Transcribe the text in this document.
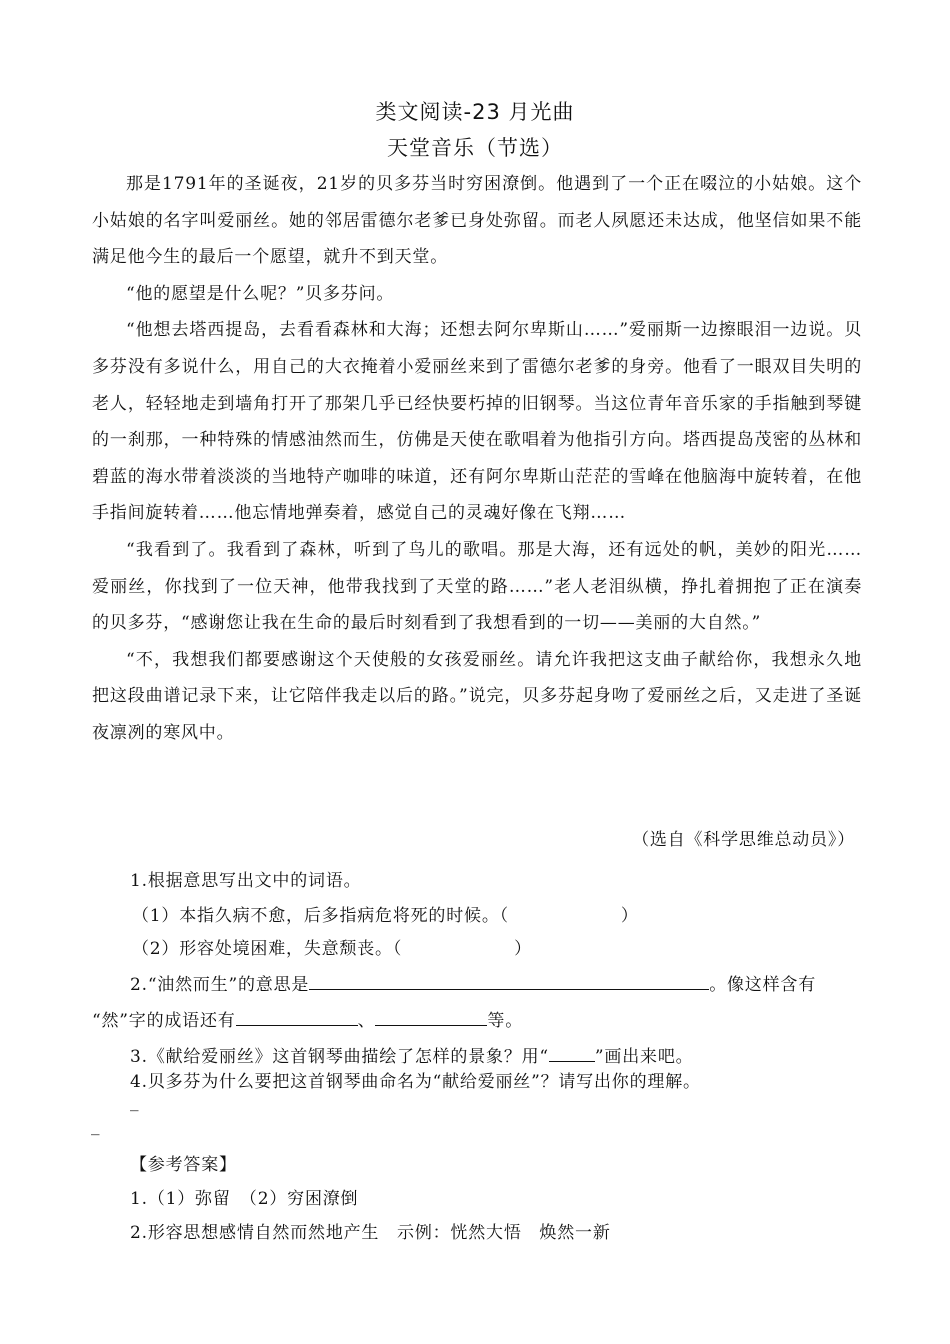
类文阅读-23 月光曲
天堂音乐（节选）

那是1791年的圣诞夜，21岁的贝多芬当时穷困潦倒。他遇到了一个正在啜泣的小姑娘。这个小姑娘的名字叫爱丽丝。她的邻居雷德尔老爹已身处弥留。而老人夙愿还未达成，他坚信如果不能满足他今生的最后一个愿望，就升不到天堂。

“他的愿望是什么呢？”贝多芬问。

“他想去塔西提岛，去看看森林和大海；还想去阿尔卑斯山……”爱丽斯一边擦眼泪一边说。贝多芬没有多说什么，用自己的大衣掩着小爱丽丝来到了雷德尔老爹的身旁。他看了一眼双目失明的老人，轻轻地走到墙角打开了那架几乎已经快要朽掉的旧钢琴。当这位青年音乐家的手指触到琴键的一刹那，一种特殊的情感油然而生，仿佛是天使在歌唱着为他指引方向。塔西提岛茂密的丛林和碧蓝的海水带着淡淡的当地特产咖啡的味道，还有阿尔卑斯山茫茫的雪峰在他脑海中旋转着，在他手指间旋转着……他忘情地弹奏着，感觉自己的灵魂好像在飞翔……

“我看到了。我看到了森林，听到了鸟儿的歌唱。那是大海，还有远处的帆，美妙的阳光……爱丽丝，你找到了一位天神，他带我找到了天堂的路……”老人老泪纵横，挣扎着拥抱了正在演奏的贝多芬，“感谢您让我在生命的最后时刻看到了我想看到的一切——美丽的大自然。”

“不，我想我们都要感谢这个天使般的女孩爱丽丝。请允许我把这支曲子献给你，我想永久地把这段曲谱记录下来，让它陪伴我走以后的路。”说完，贝多芬起身吻了爱丽丝之后，又走进了圣诞夜凛冽的寒风中。

（选自《科学思维总动员》）
1.根据意思写出文中的词语。
（1）本指久病不愈，后多指病危将死的时候。（	）
（2）形容处境困难，失意颓丧。（	）
2.“油然而生”的意思是	。像这样含有
“然”字的成语还有	、	等。
3.《献给爱丽丝》这首钢琴曲描绘了怎样的景象？用“	”画出来吧。
4.贝多芬为什么要把这首钢琴曲命名为“献给爱丽丝”？请写出你的理解。
_
_
【参考答案】
1.（1）弥留　（2）穷困潦倒
2.形容思想感情自然而然地产生　示例：恍然大悟　焕然一新
